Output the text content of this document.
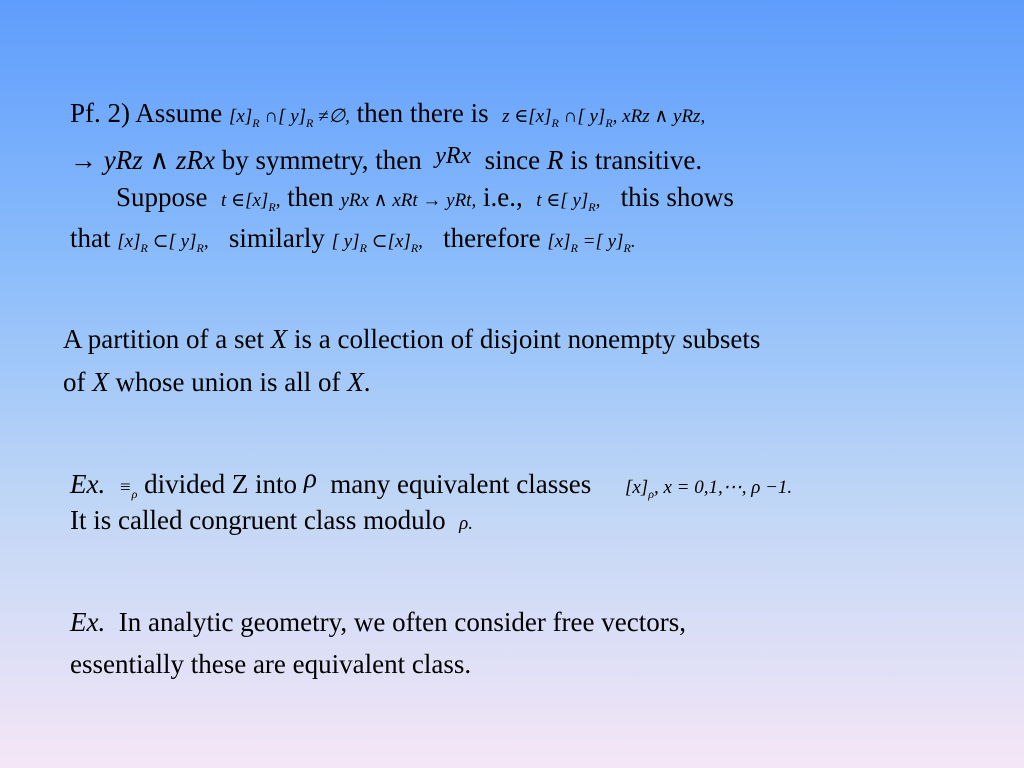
Pf. 2) Assume $[x]_R$ ∩[ $y]_R$ ≠∅, then there is z $\in[x]_R$ ∩[ $y]_R$, xRz ∧ yRz,
→ yRz ∧ zRx by symmetry, then yRx since R is transitive.
Suppose t $\in[x]_R$, then yRx ∧ xRt → yRt, i.e., t ∈[ $y]_R$, this shows
that $[x]_R$ ⊂[ $y]_R$, similarly [ $y]_R$ $\subset[x]_R$, therefore $[x]_R$ =[ $y]_R$.
A partition of a set X is a collection of disjoint nonempty subsets
of X whose union is all of X.
Ex. $\equiv_\rho$ divided Z into ρ many equivalent classes $[x]_\rho$, x = 0,1,⋯, ρ −1.
It is called congruent class modulo ρ.
Ex. In analytic geometry, we often consider free vectors,
essentially these are equivalent class.
